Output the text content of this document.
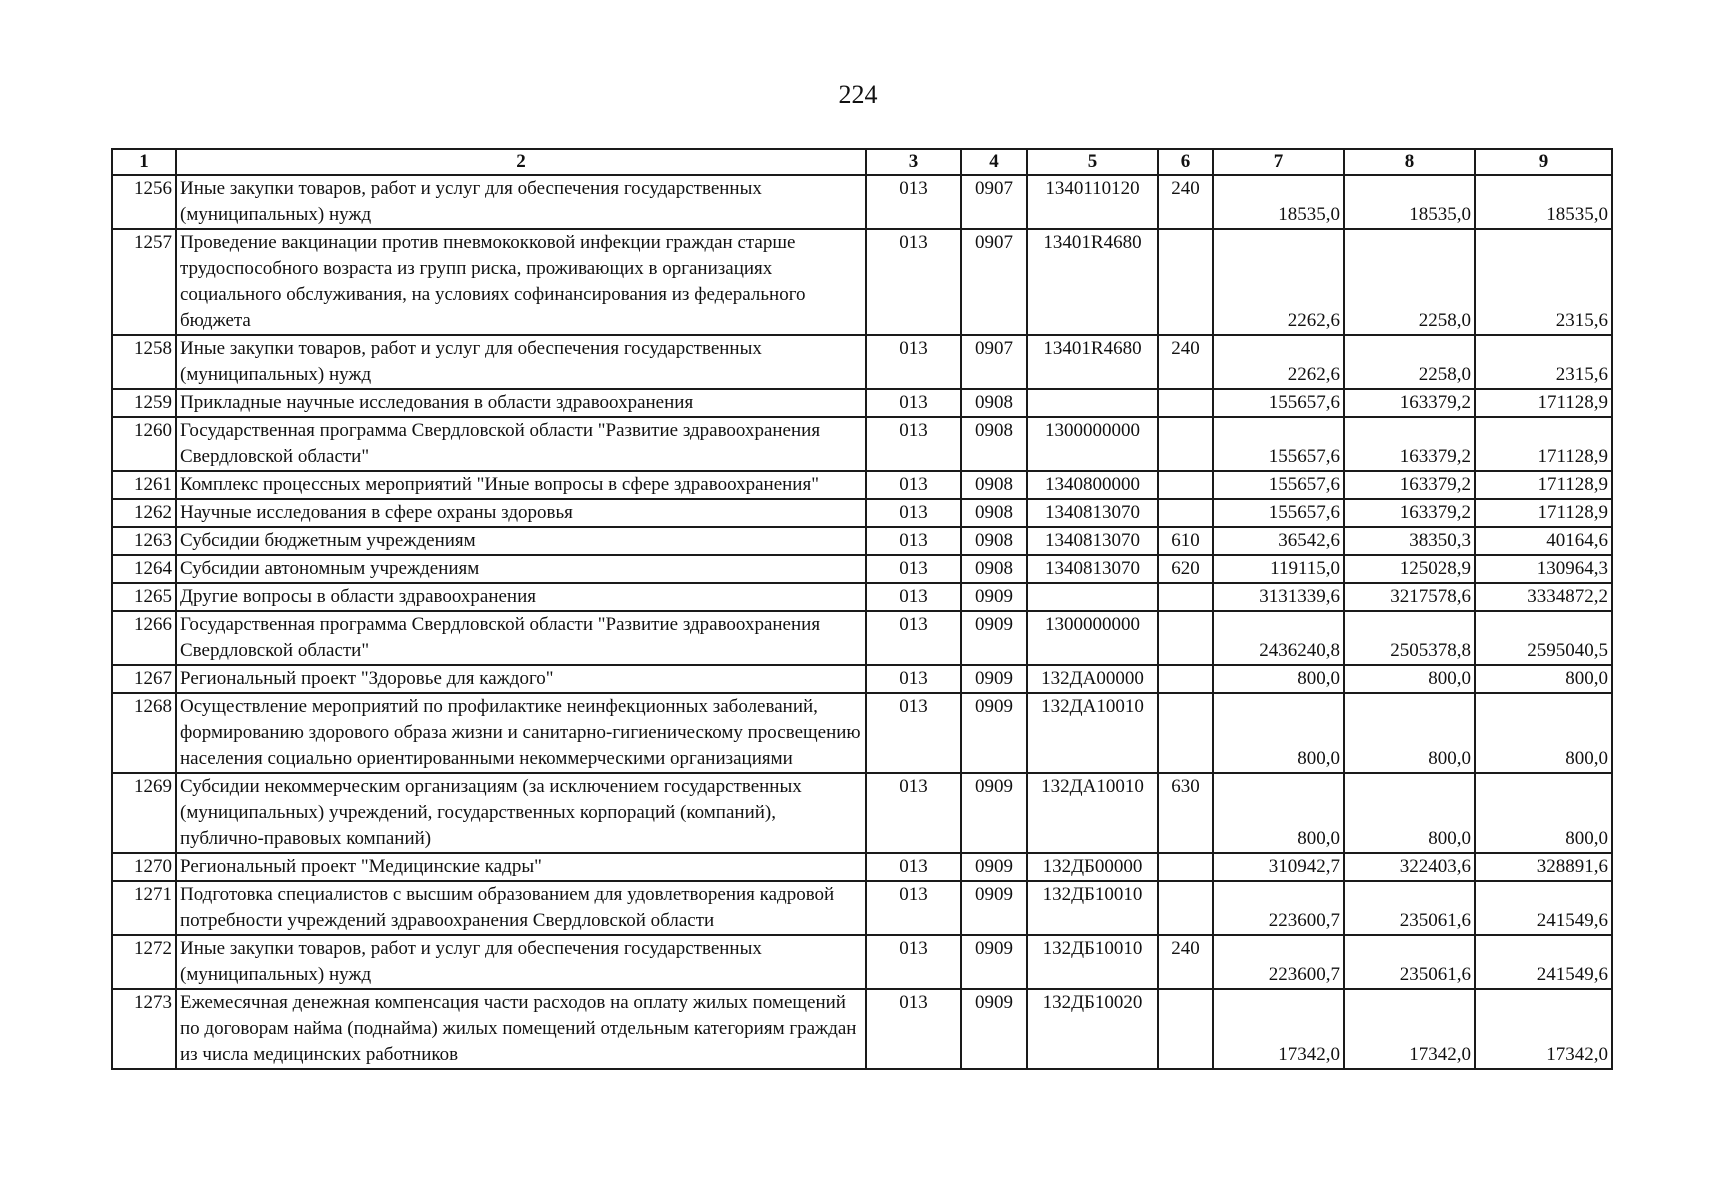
224
1	2	3	4	5	6	7	8	9
1256	Иные закупки товаров, работ и услуг для обеспечения государственных (муниципальных) нужд	013	0907	1340110120	240	18535,0	18535,0	18535,0
1257	Проведение вакцинации против пневмококковой инфекции граждан старше трудоспособного возраста из групп риска, проживающих в организациях социального обслуживания, на условиях софинансирования из федерального бюджета	013	0907	13401R4680		2262,6	2258,0	2315,6
1258	Иные закупки товаров, работ и услуг для обеспечения государственных (муниципальных) нужд	013	0907	13401R4680	240	2262,6	2258,0	2315,6
1259	Прикладные научные исследования в области здравоохранения	013	0908			155657,6	163379,2	171128,9
1260	Государственная программа Свердловской области "Развитие здравоохранения Свердловской области"	013	0908	1300000000		155657,6	163379,2	171128,9
1261	Комплекс процессных мероприятий "Иные вопросы в сфере здравоохранения"	013	0908	1340800000		155657,6	163379,2	171128,9
1262	Научные исследования в сфере охраны здоровья	013	0908	1340813070		155657,6	163379,2	171128,9
1263	Субсидии бюджетным учреждениям	013	0908	1340813070	610	36542,6	38350,3	40164,6
1264	Субсидии автономным учреждениям	013	0908	1340813070	620	119115,0	125028,9	130964,3
1265	Другие вопросы в области здравоохранения	013	0909			3131339,6	3217578,6	3334872,2
1266	Государственная программа Свердловской области "Развитие здравоохранения Свердловской области"	013	0909	1300000000		2436240,8	2505378,8	2595040,5
1267	Региональный проект "Здоровье для каждого"	013	0909	132ДА00000		800,0	800,0	800,0
1268	Осуществление мероприятий по профилактике неинфекционных заболеваний, формированию здорового образа жизни и санитарно-гигиеническому просвещению населения социально ориентированными некоммерческими организациями	013	0909	132ДА10010		800,0	800,0	800,0
1269	Субсидии некоммерческим организациям (за исключением государственных (муниципальных) учреждений, государственных корпораций (компаний), публично-правовых компаний)	013	0909	132ДА10010	630	800,0	800,0	800,0
1270	Региональный проект "Медицинские кадры"	013	0909	132ДБ00000		310942,7	322403,6	328891,6
1271	Подготовка специалистов с высшим образованием для удовлетворения кадровой потребности учреждений здравоохранения Свердловской области	013	0909	132ДБ10010		223600,7	235061,6	241549,6
1272	Иные закупки товаров, работ и услуг для обеспечения государственных (муниципальных) нужд	013	0909	132ДБ10010	240	223600,7	235061,6	241549,6
1273	Ежемесячная денежная компенсация части расходов на оплату жилых помещений по договорам найма (поднайма) жилых помещений отдельным категориям граждан из числа медицинских работников	013	0909	132ДБ10020		17342,0	17342,0	17342,0
